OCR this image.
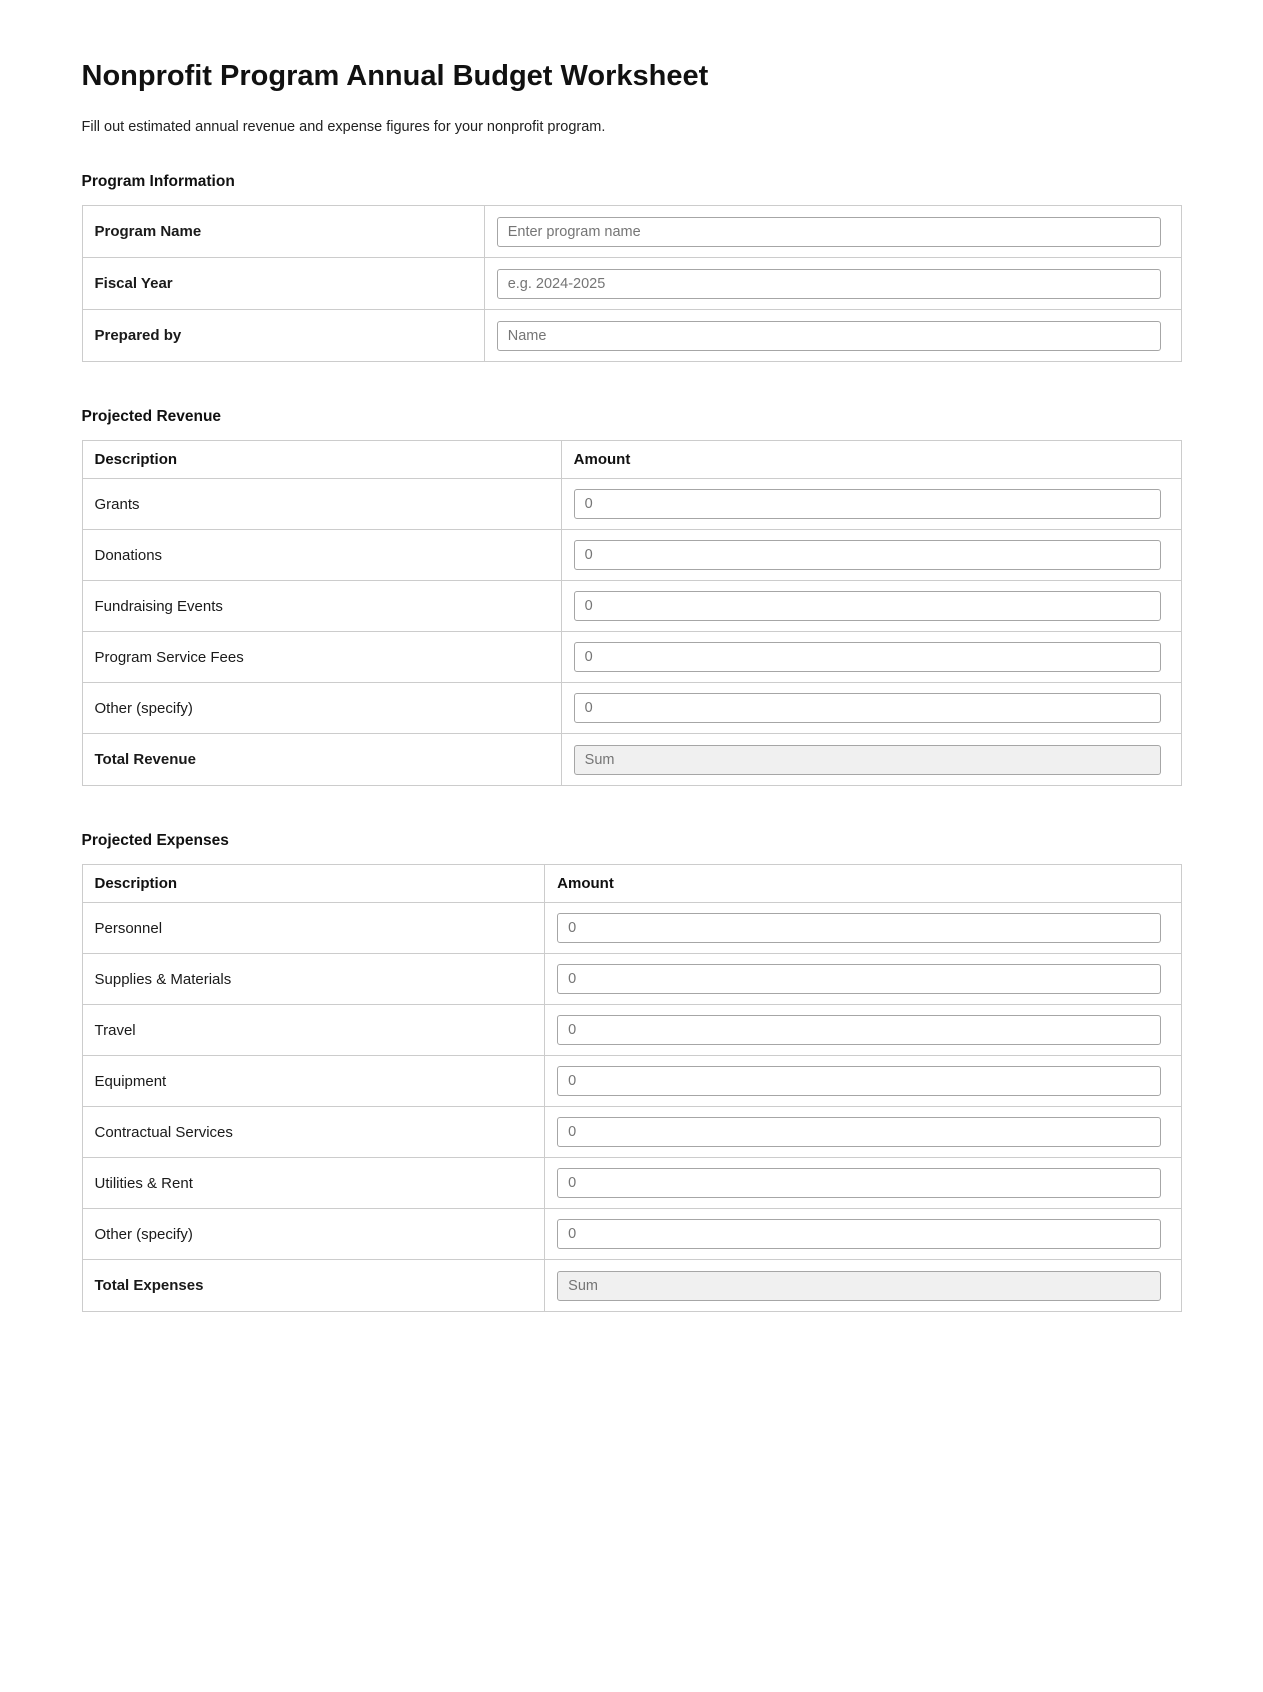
Nonprofit Program Annual Budget Worksheet

Fill out estimated annual revenue and expense figures for your nonprofit program.

Program Information
Program Name	Enter program name
Fiscal Year	e.g. 2024-2025
Prepared by	Name
Projected Revenue
Description	Amount
Grants	0
Donations	0
Fundraising Events	0
Program Service Fees	0
Other (specify)	0
Total Revenue	Sum
Projected Expenses
Description	Amount
Personnel	0
Supplies & Materials	0
Travel	0
Equipment	0
Contractual Services	0
Utilities & Rent	0
Other (specify)	0
Total Expenses	Sum
